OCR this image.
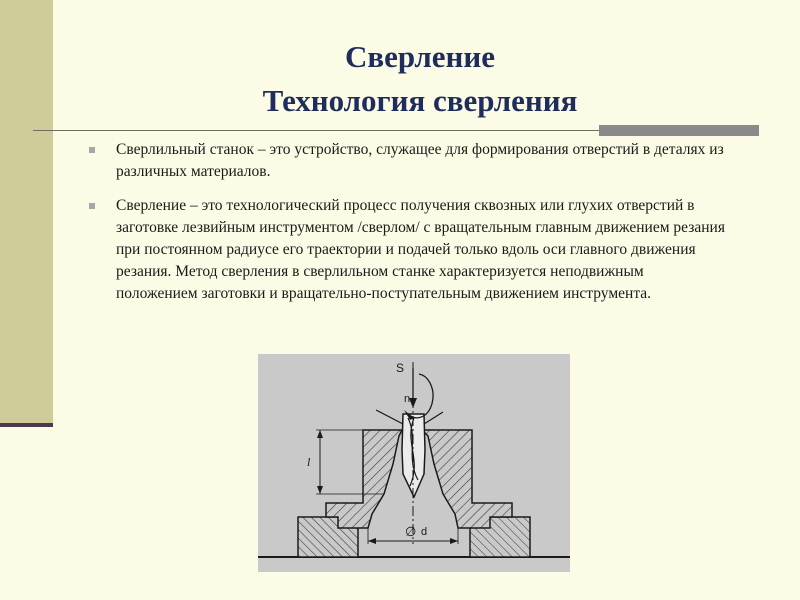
Сверление
Технология сверления
Сверлильный станок – это устройство, служащее для формирования отверстий в деталях из различных материалов.
Сверление – это технологический процесс получения сквозных или глухих отверстий в заготовке лезвийным инструментом /сверлом/ с вращательным главным движением резания при постоянном радиусе его траектории и подачей только вдоль оси главного движения резания. Метод сверления в сверлильном станке характеризуется неподвижным положением заготовки и вращательно-поступательным движением инструмента.
S
n
l
∅ d
